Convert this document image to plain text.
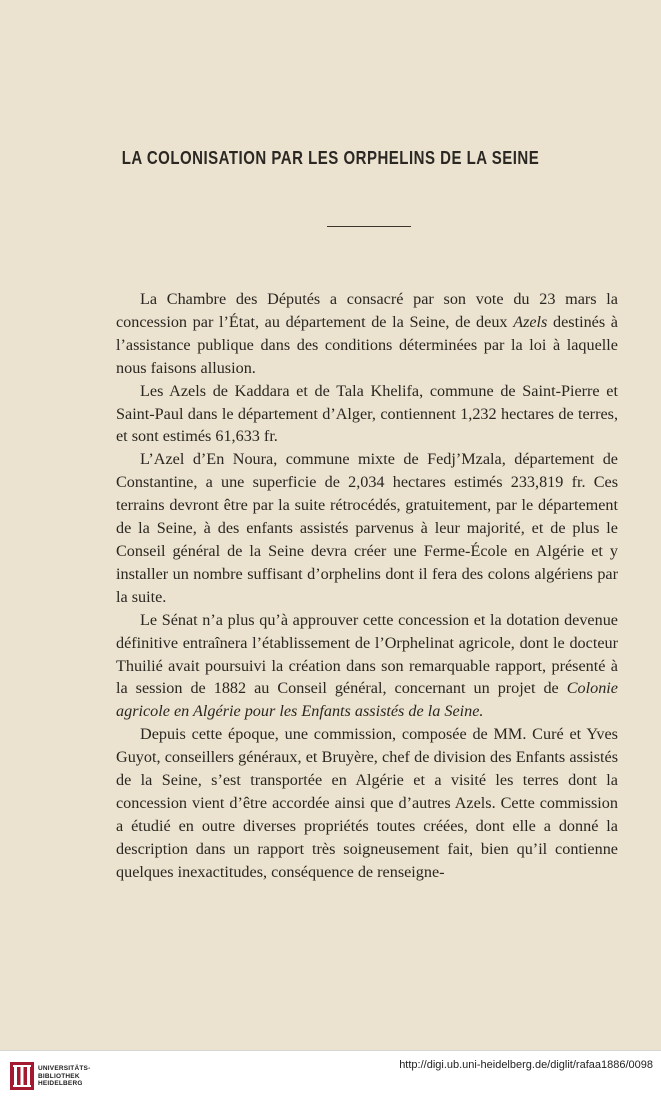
LA COLONISATION PAR LES ORPHELINS DE LA SEINE

La Chambre des Députés a consacré par son vote du 23 mars la concession par l’État, au département de la Seine, de deux Azels destinés à l’assistance publique dans des conditions déterminées par la loi à laquelle nous faisons allusion.

Les Azels de Kaddara et de Tala Khelifa, commune de Saint-Pierre et Saint-Paul dans le département d’Alger, contiennent 1,232 hectares de terres, et sont estimés 61,633 fr.

L’Azel d’En Noura, commune mixte de Fedj’Mzala, département de Constantine, a une superficie de 2,034 hectares estimés 233,819 fr. Ces terrains devront être par la suite rétrocédés, gratuitement, par le département de la Seine, à des enfants assistés parvenus à leur majorité, et de plus le Conseil général de la Seine devra créer une Ferme-École en Algérie et y installer un nombre suffisant d’orphelins dont il fera des colons algériens par la suite.

Le Sénat n’a plus qu’à approuver cette concession et la dotation devenue définitive entraînera l’établissement de l’Orphelinat agricole, dont le docteur Thuilié avait poursuivi la création dans son remarquable rapport, présenté à la session de 1882 au Conseil général, concernant un projet de Colonie agricole en Algérie pour les Enfants assistés de la Seine.

Depuis cette époque, une commission, composée de MM. Curé et Yves Guyot, conseillers généraux, et Bruyère, chef de division des Enfants assistés de la Seine, s’est transportée en Algérie et a visité les terres dont la concession vient d’être accordée ainsi que d’autres Azels. Cette commission a étudié en outre diverses propriétés toutes créées, dont elle a donné la description dans un rapport très soigneusement fait, bien qu’il contienne quelques inexactitudes, conséquence de renseigne-

UNIVERSITÄTS-
BIBLIOTHEK
HEIDELBERG
http://digi.ub.uni-heidelberg.de/diglit/rafaa1886/0098
